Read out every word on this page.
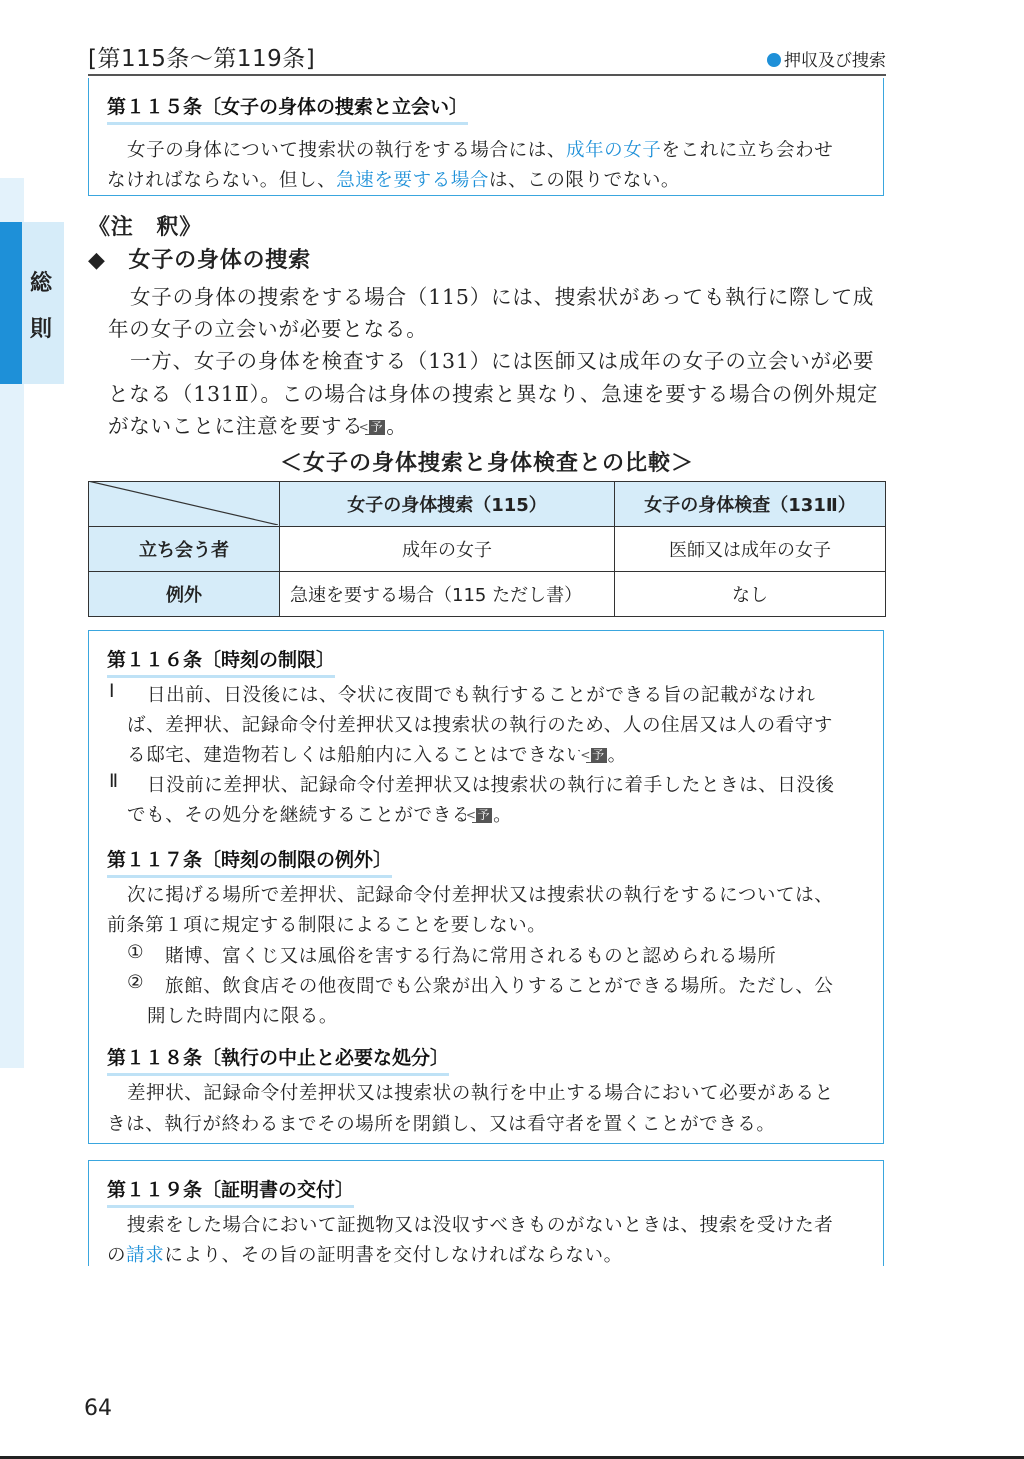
[第115条～第119条]	押収及び捜索
総
則
第１１５条〔女子の身体の捜索と立会い〕
女子の身体について捜索状の執行をする場合には、成年の女子をこれに立ち会わせ
なければならない。但し、急速を要する場合は、この限りでない。
《注　釈》
◆　女子の身体の捜索
女子の身体の捜索をする場合（115）には、捜索状があっても執行に際して成
年の女子の立会いが必要となる。
一方、女子の身体を検査する（131）には医師又は成年の女子の立会いが必要
となる（131Ⅱ）。この場合は身体の捜索と異なり、急速を要する場合の例外規定
がないことに注意を要する < 予 。
＜女子の身体捜索と身体検査との比較＞
	女子の身体捜索（115）	女子の身体検査（131Ⅱ）
立ち会う者	成年の女子	医師又は成年の女子
例外	急速を要する場合（115 ただし書）	なし
第１１６条〔時刻の制限〕
Ⅰ 日出前、日没後には、令状に夜間でも執行することができる旨の記載がなけれ
ば、差押状、記録命令付差押状又は捜索状の執行のため、人の住居又は人の看守す
る邸宅、建造物若しくは船舶内に入ることはできない < 予 。
Ⅱ 日没前に差押状、記録命令付差押状又は捜索状の執行に着手したときは、日没後
でも、その処分を継続することができる < 予 。
第１１７条〔時刻の制限の例外〕
次に掲げる場所で差押状、記録命令付差押状又は捜索状の執行をするについては、
前条第１項に規定する制限によることを要しない。
① 賭博、富くじ又は風俗を害する行為に常用されるものと認められる場所
② 旅館、飲食店その他夜間でも公衆が出入りすることができる場所。ただし、公
開した時間内に限る。
第１１８条〔執行の中止と必要な処分〕
差押状、記録命令付差押状又は捜索状の執行を中止する場合において必要があると
きは、執行が終わるまでその場所を閉鎖し、又は看守者を置くことができる。
第１１９条〔証明書の交付〕
捜索をした場合において証拠物又は没収すべきものがないときは、捜索を受けた者
の請求により、その旨の証明書を交付しなければならない。
64
